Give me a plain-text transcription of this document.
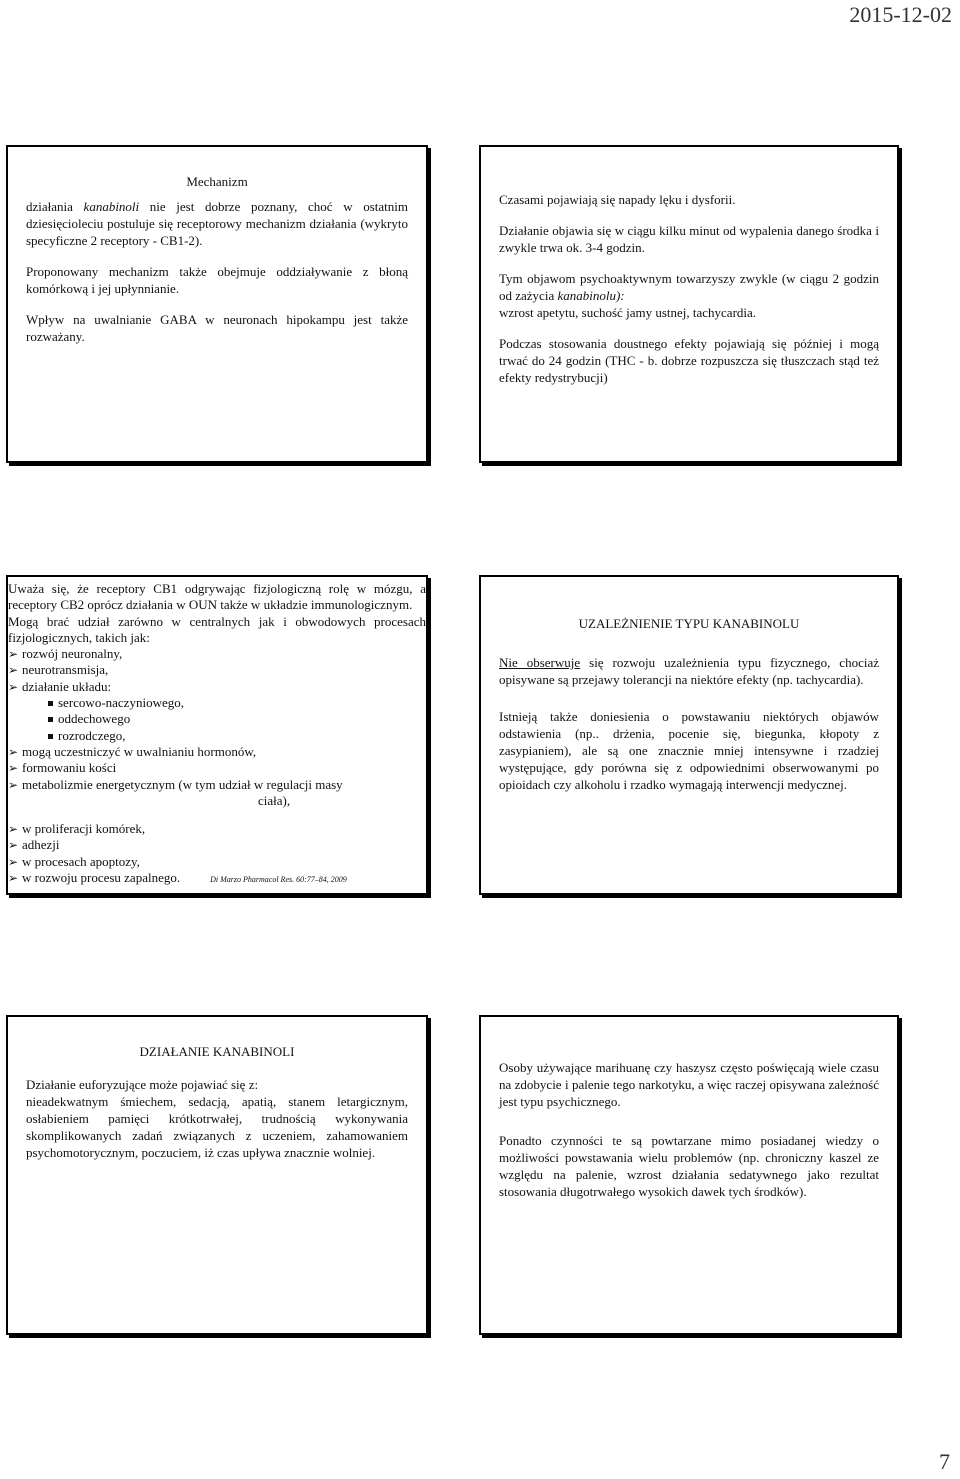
2015-12-02

Mechanizm

działania kanabinoli nie jest dobrze poznany, choć w ostatnim dziesięcioleciu postuluje się receptorowy mechanizm działania (wykryto specyficzne 2 receptory - CB1-2).

Proponowany mechanizm także obejmuje oddziaływanie z błoną komórkową i jej upłynnianie.

Wpływ na uwalnianie GABA w neuronach hipokampu jest także rozważany.

Czasami pojawiają się napady lęku i dysforii.

Działanie objawia się w ciągu kilku minut od wypalenia danego środka i zwykle trwa ok. 3-4 godzin.

Tym objawom psychoaktywnym towarzyszy zwykle (w ciągu 2 godzin od zażycia kanabinolu):

wzrost apetytu, suchość jamy ustnej, tachycardia.

Podczas stosowania doustnego efekty pojawiają się później i mogą trwać do 24 godzin (THC - b. dobrze rozpuszcza się tłuszczach stąd też efekty redystrybucji)

Uważa się, że receptory CB1 odgrywając fizjologiczną rolę w mózgu, a receptory CB2 oprócz działania w OUN także w układzie immunologicznym.

Mogą brać udział zarówno w centralnych jak i obwodowych procesach fizjologicznych, takich jak:

➢ rozwój neuronalny,
➢ neurotransmisja,
➢ działanie układu:
sercowo-naczyniowego,
oddechowego
rozrodczego,
➢ mogą uczestniczyć w uwalnianiu hormonów,
➢ formowaniu kości
➢ metabolizmie energetycznym (w tym udział w regulacji masy
ciała),
➢ w proliferacji komórek,
➢ adhezji
➢ w procesach apoptozy,
➢ w rozwoju procesu zapalnego.	Di Marzo Pharmacol Res. 60:77–84, 2009

UZALEŻNIENIE TYPU KANABINOLU

Nie obserwuje się rozwoju uzależnienia typu fizycznego, chociaż opisywane są przejawy tolerancji na niektóre efekty (np. tachycardia).

Istnieją także doniesienia o powstawaniu niektórych objawów odstawienia (np.. drżenia, pocenie się, biegunka, kłopoty z zasypianiem), ale są one znacznie mniej intensywne i rzadziej występujące, gdy porówna się z odpowiednimi obserwowanymi po opioidach czy alkoholu i rzadko wymagają interwencji medycznej.

DZIAŁANIE KANABINOLI

Działanie euforyzujące może pojawiać się z:

nieadekwatnym śmiechem, sedacją, apatią, stanem letargicznym, osłabieniem pamięci krótkotrwałej, trudnością wykonywania skomplikowanych zadań związanych z uczeniem, zahamowaniem psychomotorycznym, poczuciem, iż czas upływa znacznie wolniej.

Osoby używające marihuanę czy haszysz często poświęcają wiele czasu na zdobycie i palenie tego narkotyku, a więc raczej opisywana zależność jest typu psychicznego.

Ponadto czynności te są powtarzane mimo posiadanej wiedzy o możliwości powstawania wielu problemów (np. chroniczny kaszel ze względu na palenie, wzrost działania sedatywnego jako rezultat stosowania długotrwałego wysokich dawek tych środków).

7
